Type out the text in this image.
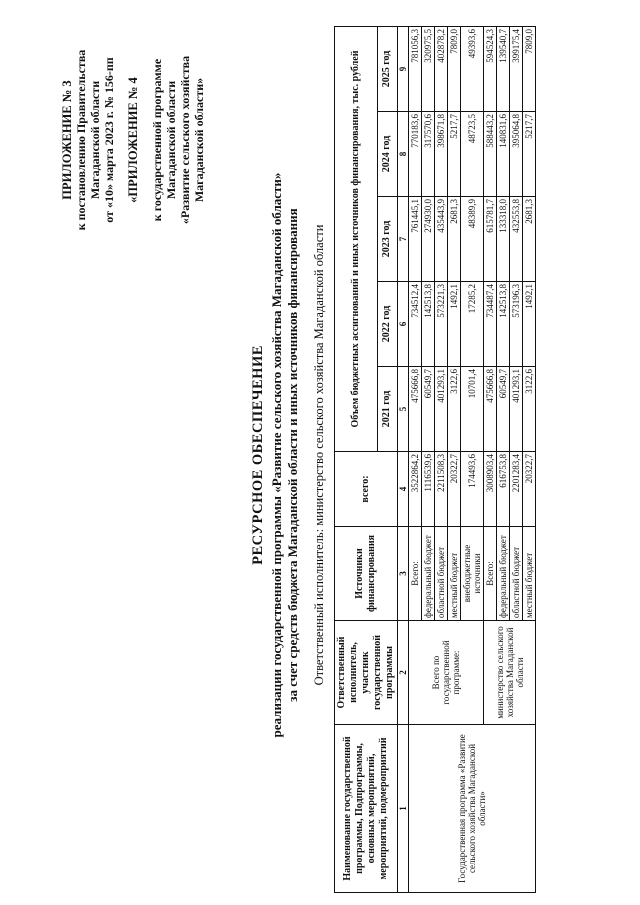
ПРИЛОЖЕНИЕ № 3 к постановлению Правительства Магаданской области от «10» марта 2023 г. № 156-пп «ПРИЛОЖЕНИЕ № 4 к государственной программе Магаданской области «Развитие сельского хозяйства Магаданской области»
РЕСУРСНОЕ ОБЕСПЕЧЕНИЕ реализации государственной программы «Развитие сельского хозяйства Магаданской области» за счет средств бюджета Магаданской области и иных источников финансирования Ответственный исполнитель: министерство сельского хозяйства Магаданской области
Наименование государственной программы, Подпрограммы, основных мероприятий, мероприятий, подмероприятий	Ответственный исполнитель, участник государственной программы	Источники финансирования	всего:	Объем бюджетных ассигнований и иных источников финансирования, тыс. рублей				
				2021 год	2022 год	2023 год	2024 год	2025 год
1	2	3	4	5	6	7	8	9
Государственная программа «Развитие сельского хозяйства Магаданской области»	Всего по государственной программе:	Всего:	3522864,2	475666,8	734512,4	761445,1	770183,6	781056,3
		федеральный бюджет	1116539,6	60549,7	142513,8	274930,0	317570,6	320975,5
		областной бюджет	2211508,3	401293,1	573221,3	435443,9	398671,8	402878,2
		местный бюджет	20322,7	3122,6	1492,1	2681,3	5217,7	7809,0
		внебюджетные источники	174493,6	10701,4	17285,2	48389,9	48723,5	49393,6
	министерство сельского хозяйства Магаданской области	Всего:	3008903,4	475666,8	734487,4	615781,7	588443,2	594524,3
		федеральный бюджет	616753,8	60549,7	142513,8	133318,0	140831,6	139540,7
		областной бюджет	2201283,4	401293,1	573196,3	432553,8	395064,8	399175,4
		местный бюджет	20322,7	3122,6	1492,1	2681,3	5217,7	7809,0
